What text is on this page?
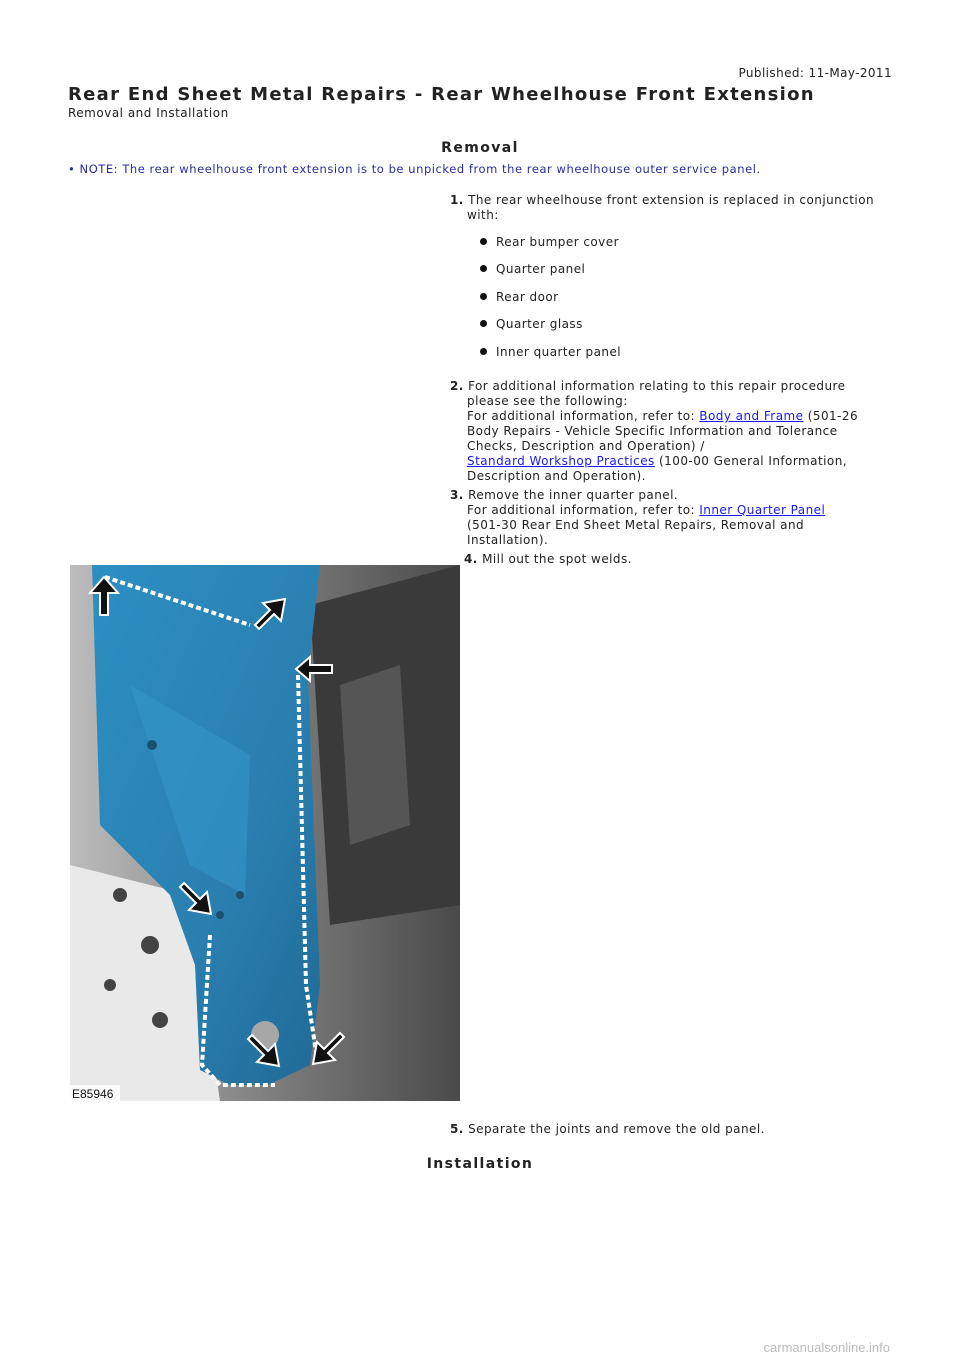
Published: 11-May-2011
Rear End Sheet Metal Repairs - Rear Wheelhouse Front Extension
Removal and Installation
Removal
• NOTE: The rear wheelhouse front extension is to be unpicked from the rear wheelhouse outer service panel.
1. The rear wheelhouse front extension is replaced in conjunction
with:
Rear bumper cover
Quarter panel
Rear door
Quarter glass
Inner quarter panel
2. For additional information relating to this repair procedure
please see the following:
For additional information, refer to: Body and Frame (501-26
Body Repairs - Vehicle Specific Information and Tolerance
Checks, Description and Operation) /
Standard Workshop Practices (100-00 General Information,
Description and Operation).
3. Remove the inner quarter panel.
For additional information, refer to: Inner Quarter Panel
(501-30 Rear End Sheet Metal Repairs, Removal and
Installation).
4. Mill out the spot welds.
E85946
5. Separate the joints and remove the old panel.
Installation
carmanualsonline.info
